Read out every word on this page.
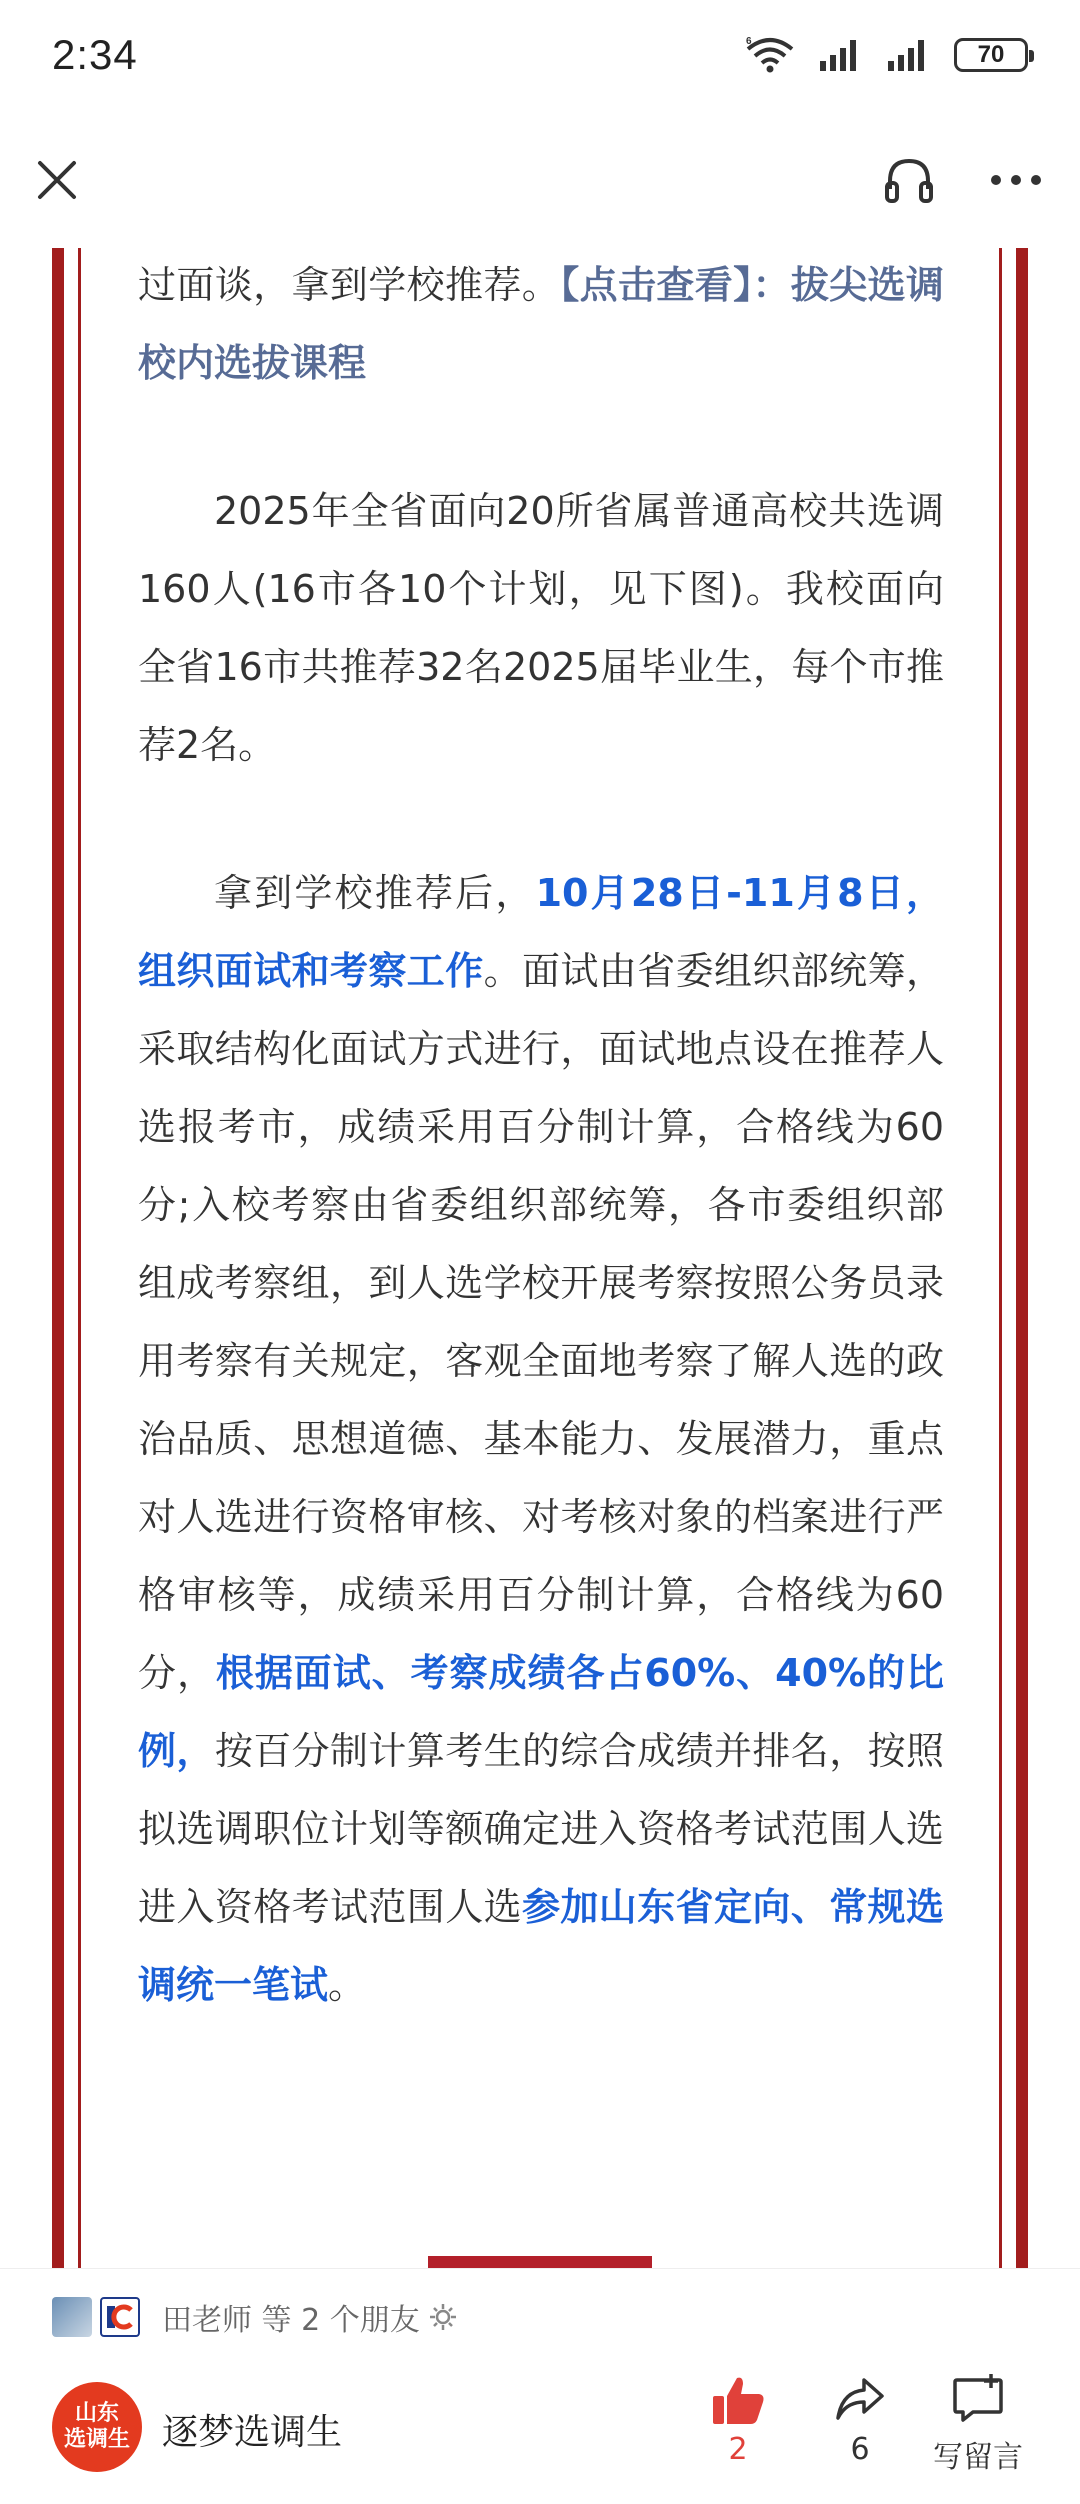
2:34	6	70

过面谈，拿到学校推荐。【点击查看】：拔尖选调校内选拔课程

2025年全省面向20所省属普通高校共选调160人(16市各10个计划，见下图)。我校面向全省16市共推荐32名2025届毕业生，每个市推荐2名。

拿到学校推荐后，10月28日-11月8日，组织面试和考察工作。面试由省委组织部统筹，采取结构化面试方式进行，面试地点设在推荐人选报考市，成绩采用百分制计算，合格线为60分;入校考察由省委组织部统筹，各市委组织部组成考察组，到人选学校开展考察按照公务员录用考察有关规定，客观全面地考察了解人选的政治品质、思想道德、基本能力、发展潜力，重点对人选进行资格审核、对考核对象的档案进行严格审核等，成绩采用百分制计算，合格线为60分，根据面试、考察成绩各占60%、40%的比例，按百分制计算考生的综合成绩并排名，按照拟选调职位计划等额确定进入资格考试范围人选进入资格考试范围人选参加山东省定向、常规选调统一笔试。

田老师 等 2 个朋友
山东
选调生 逐梦选调生	2	6 写留言
